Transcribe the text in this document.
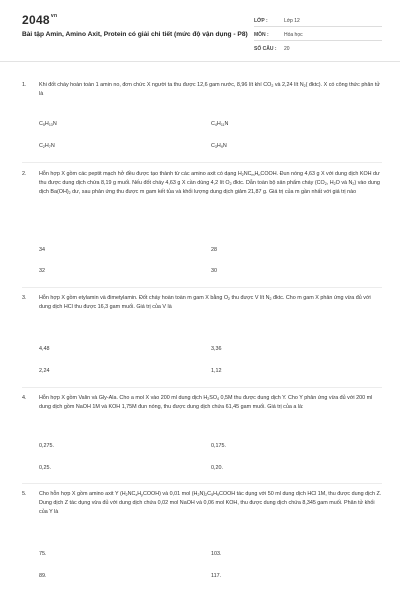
$2048^{vn}$
Bài tập Amin, Amino Axit, Protein có giải chi tiết (mức độ vận dụng - P8)
LỚP :	Lớp 12
MÔN :	Hóa học
SỐ CÂU : 20
1. Khi đốt cháy hoàn toàn 1 amin no, đơn chức X người ta thu được 12,6 gam nước, 8,96 lít khí $CO_2$ và 2,24 lít $N_2$( đktc). X có công thức phân tử là
$C_5H_{13}N$	$C_4H_{11}N$
$C_2H_7N$	$C_3H_9N$
2. Hỗn hợp X gồm các peptit mạch hở đều được tạo thành từ các amino axit có dạng $H_2NC_mH_nCOOH$. Đun nóng 4,63 g X với dung dịch KOH dư thu được dung dịch chứa 8,19 g muối. Nếu đốt cháy 4,63 g X cần dùng 4,2 lít $O_2$ đktc. Dẫn toàn bộ sản phẩm cháy ($CO_2$, $H_2O$ và $N_2$) vào dung dịch $Ba(OH)_2$ dư, sau phản ứng thu được m gam kết tủa và khối lượng dung dịch giảm 21,87 g. Giá trị của m gần nhất với giá trị nào
34	28
32	30
3. Hỗn hợp X gồm etylamin và đimetylamin. Đốt cháy hoàn toàn m gam X bằng $O_2$ thu được V lít $N_2$ đktc. Cho m gam X phản ứng vừa đủ với dung dịch HCl thu được 16,3 gam muối. Giá trị của V là
4,48	3,36
2,24	1,12
4. Hỗn hợp X gồm Valin và Gly-Ala. Cho a mol X vào 200 ml dung dịch $H_2SO_4$ 0,5M thu được dung dịch Y. Cho Y phản ứng vừa đủ với 200 ml dung dịch gồm NaOH 1M và KOH 1,75M đun nóng, thu được dung dịch chứa 61,45 gam muối. Giá trị của a là:
0,275.	0,175.
0,25.	0,20.
5. Cho hỗn hợp X gồm amino axit Y $(H_2NC_xH_yCOOH)$ và 0,01 mol $(H_2N)_2C_5H_9COOH$ tác dụng với 50 ml dung dịch HCl 1M, thu được dung dịch Z. Dung dịch Z tác dụng vừa đủ với dung dịch chứa 0,02 mol NaOH và 0,06 mol KOH, thu được dung dịch chứa 8,345 gam muối. Phân tử khối của Y là
75.	103.
89.	117.
